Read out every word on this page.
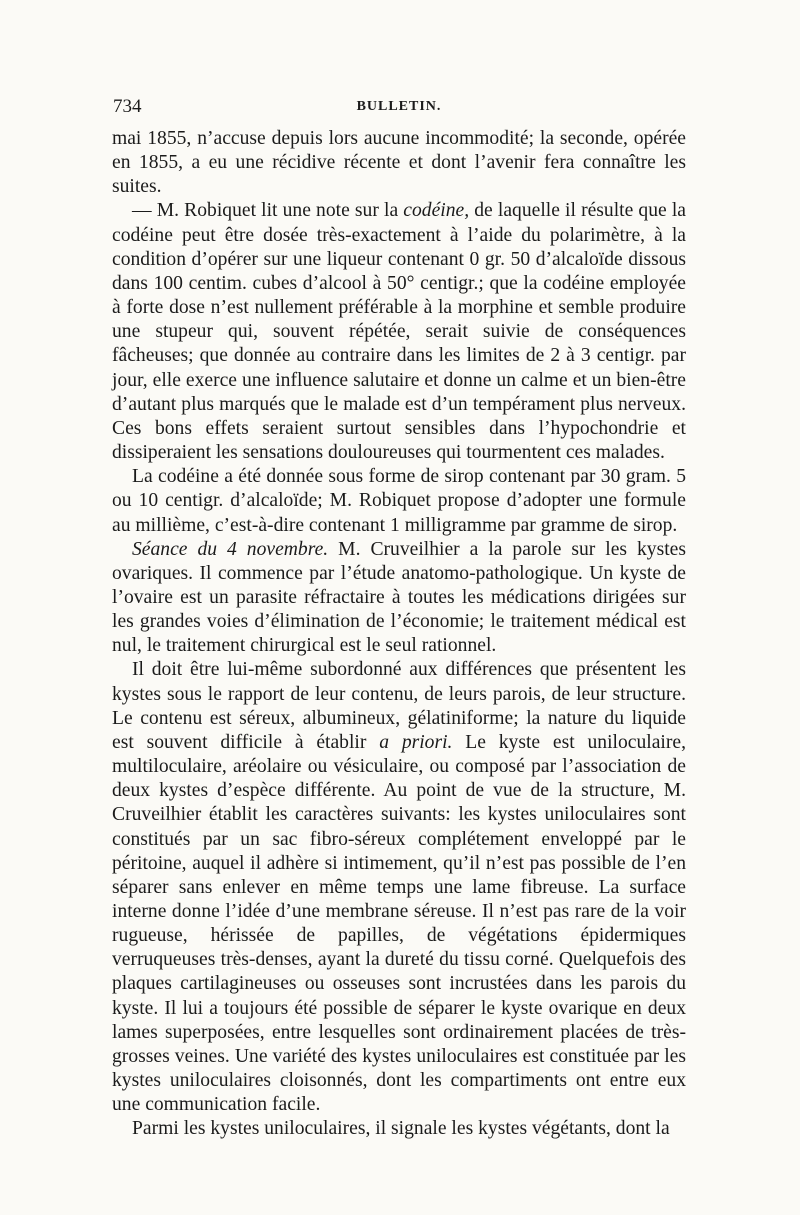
734	BULLETIN.

mai 1855, n’accuse depuis lors aucune incommodité; la seconde, opérée en 1855, a eu une récidive récente et dont l’avenir fera connaître les suites.

— M. Robiquet lit une note sur la codéine, de laquelle il résulte que la codéine peut être dosée très-exactement à l’aide du polarimètre, à la condition d’opérer sur une liqueur contenant 0 gr. 50 d’alcaloïde dissous dans 100 centim. cubes d’alcool à 50° centigr.; que la codéine employée à forte dose n’est nullement préférable à la morphine et semble produire une stupeur qui, souvent répétée, serait suivie de conséquences fâcheuses; que donnée au contraire dans les limites de 2 à 3 centigr. par jour, elle exerce une influence salutaire et donne un calme et un bien-être d’autant plus marqués que le malade est d’un tempérament plus nerveux. Ces bons effets seraient surtout sensibles dans l’hypochondrie et dissiperaient les sensations douloureuses qui tourmentent ces malades.

La codéine a été donnée sous forme de sirop contenant par 30 gram. 5 ou 10 centigr. d’alcaloïde; M. Robiquet propose d’adopter une formule au millième, c’est-à-dire contenant 1 milligramme par gramme de sirop.

Séance du 4 novembre. M. Cruveilhier a la parole sur les kystes ovariques. Il commence par l’étude anatomo-pathologique. Un kyste de l’ovaire est un parasite réfractaire à toutes les médications dirigées sur les grandes voies d’élimination de l’économie; le traitement médical est nul, le traitement chirurgical est le seul rationnel.

Il doit être lui-même subordonné aux différences que présentent les kystes sous le rapport de leur contenu, de leurs parois, de leur structure. Le contenu est séreux, albumineux, gélatiniforme; la nature du liquide est souvent difficile à établir a priori. Le kyste est uniloculaire, multiloculaire, aréolaire ou vésiculaire, ou composé par l’association de deux kystes d’espèce différente. Au point de vue de la structure, M. Cruveilhier établit les caractères suivants: les kystes uniloculaires sont constitués par un sac fibro-séreux complétement enveloppé par le péritoine, auquel il adhère si intimement, qu’il n’est pas possible de l’en séparer sans enlever en même temps une lame fibreuse. La surface interne donne l’idée d’une membrane séreuse. Il n’est pas rare de la voir rugueuse, hérissée de papilles, de végétations épidermiques verruqueuses très-denses, ayant la dureté du tissu corné. Quelquefois des plaques cartilagineuses ou osseuses sont incrustées dans les parois du kyste. Il lui a toujours été possible de séparer le kyste ovarique en deux lames superposées, entre lesquelles sont ordinairement placées de très-grosses veines. Une variété des kystes uniloculaires est constituée par les kystes uniloculaires cloisonnés, dont les compartiments ont entre eux une communication facile.

Parmi les kystes uniloculaires, il signale les kystes végétants, dont la
